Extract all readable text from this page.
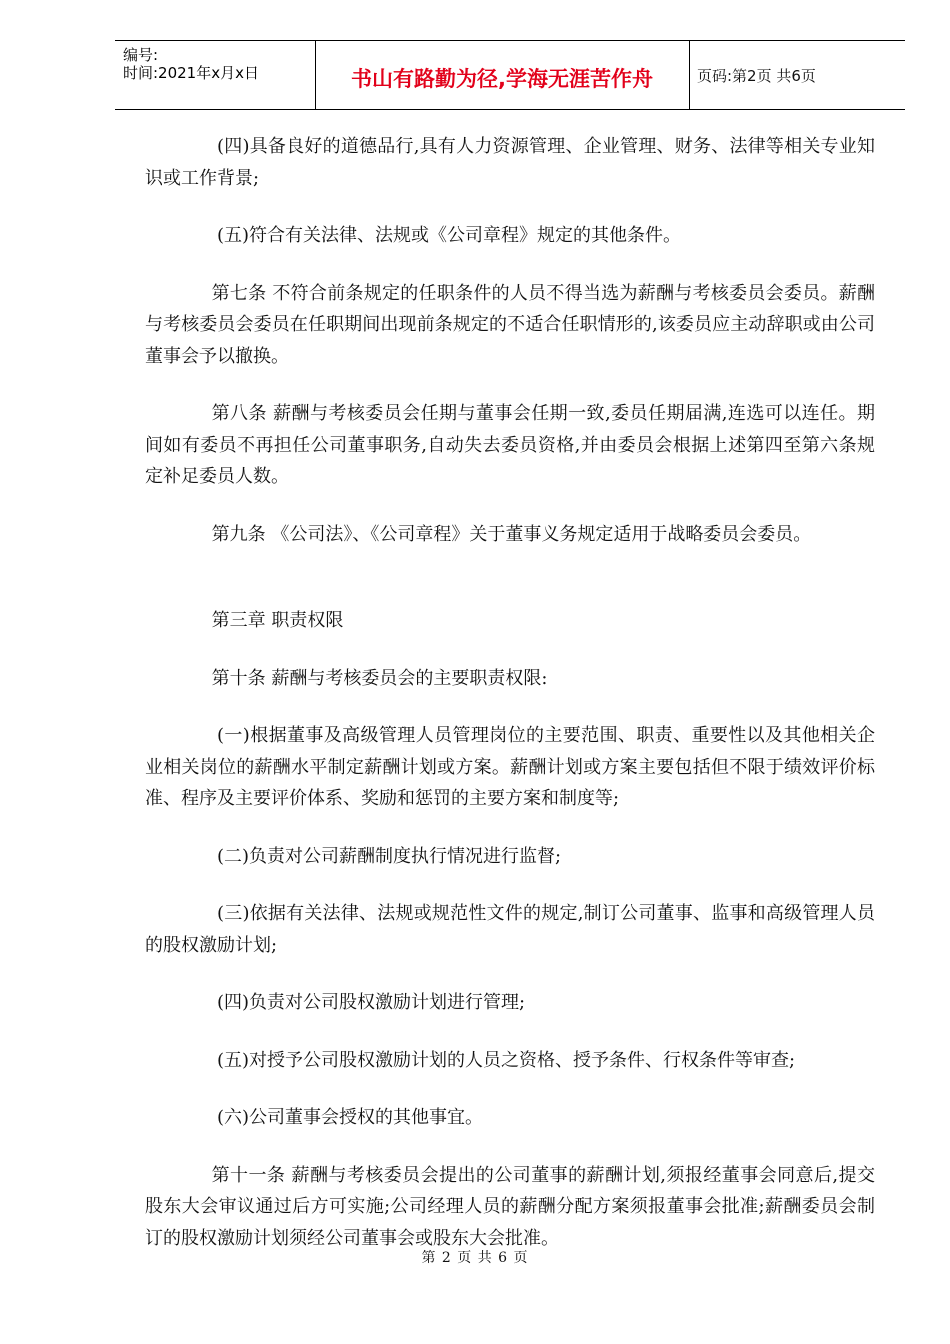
编号:
时间:2021年x月x日	书山有路勤为径,学海无涯苦作舟	页码:第2页 共6页

(四)具备良好的道德品行,具有人力资源管理、企业管理、财务、法律等相关专业知识或工作背景;

(五)符合有关法律、法规或《公司章程》规定的其他条件。

第七条 不符合前条规定的任职条件的人员不得当选为薪酬与考核委员会委员。薪酬与考核委员会委员在任职期间出现前条规定的不适合任职情形的,该委员应主动辞职或由公司董事会予以撤换。

第八条 薪酬与考核委员会任期与董事会任期一致,委员任期届满,连选可以连任。期间如有委员不再担任公司董事职务,自动失去委员资格,并由委员会根据上述第四至第六条规定补足委员人数。

第九条 《公司法》、《公司章程》关于董事义务规定适用于战略委员会委员。

第三章 职责权限

第十条 薪酬与考核委员会的主要职责权限:

(一)根据董事及高级管理人员管理岗位的主要范围、职责、重要性以及其他相关企业相关岗位的薪酬水平制定薪酬计划或方案。薪酬计划或方案主要包括但不限于绩效评价标准、程序及主要评价体系、奖励和惩罚的主要方案和制度等;

(二)负责对公司薪酬制度执行情况进行监督;

(三)依据有关法律、法规或规范性文件的规定,制订公司董事、监事和高级管理人员的股权激励计划;

(四)负责对公司股权激励计划进行管理;

(五)对授予公司股权激励计划的人员之资格、授予条件、行权条件等审查;

(六)公司董事会授权的其他事宜。

第十一条 薪酬与考核委员会提出的公司董事的薪酬计划,须报经董事会同意后,提交股东大会审议通过后方可实施;公司经理人员的薪酬分配方案须报董事会批准;薪酬委员会制订的股权激励计划须经公司董事会或股东大会批准。

第 2 页 共 6 页
